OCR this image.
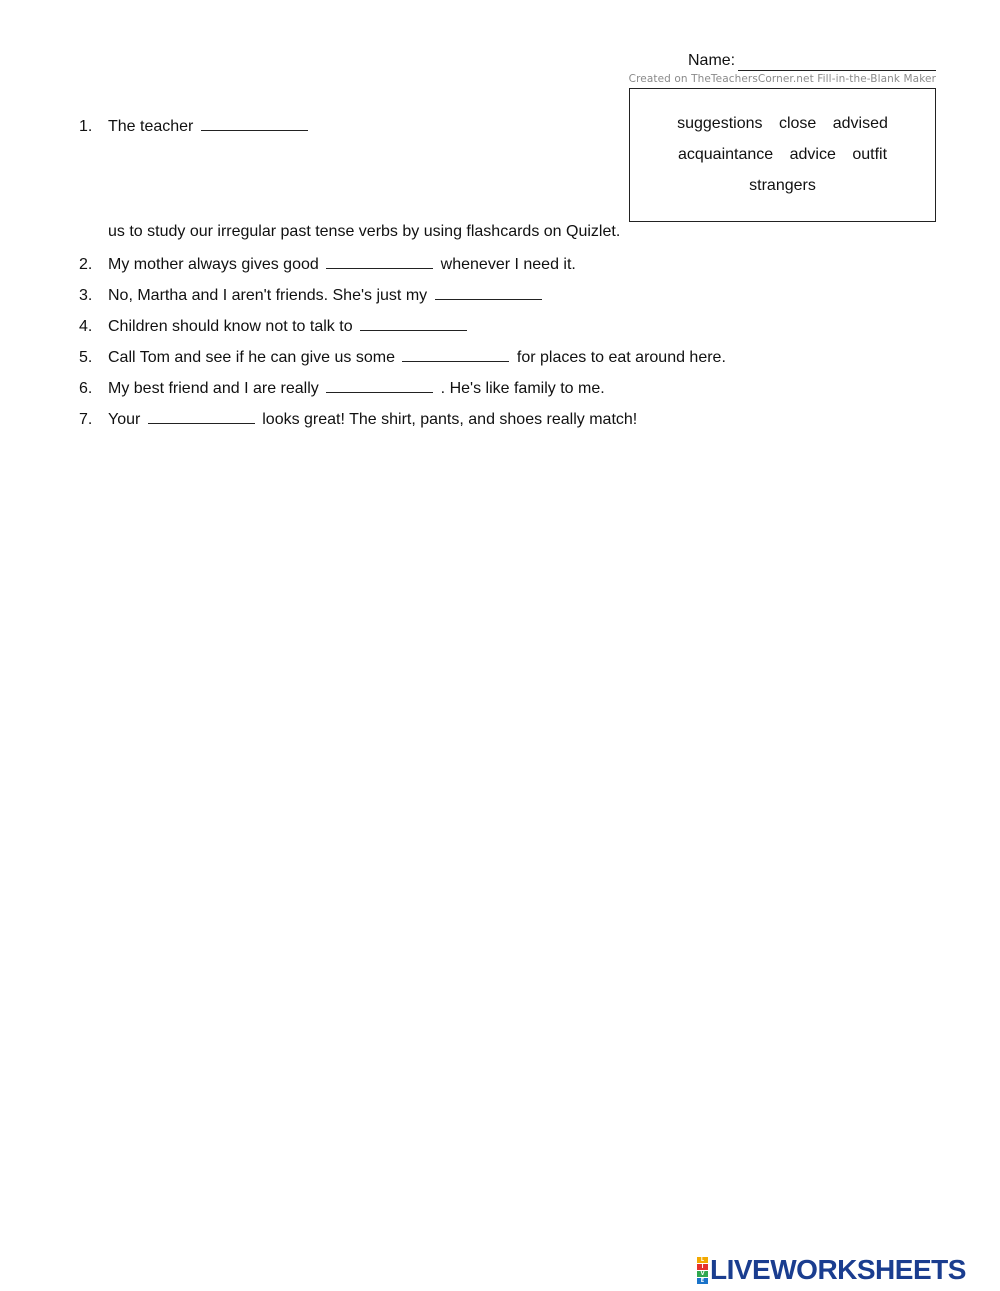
Name:
Created on TheTeachersCorner.net Fill-in-the-Blank Maker
suggestions close advised
acquaintance advice outfit
strangers
1. The teacher
us to study our irregular past tense verbs by using flashcards on Quizlet.
2. My mother always gives good	whenever I need it.
3. No, Martha and I aren't friends. She's just my
4. Children should know not to talk to
5. Call Tom and see if he can give us some	for places to eat around here.
6. My best friend and I are really	. He's like family to me.
7. Your	looks great! The shirt, pants, and shoes really match!
L
I
V
E LIVEWORKSHEETS
